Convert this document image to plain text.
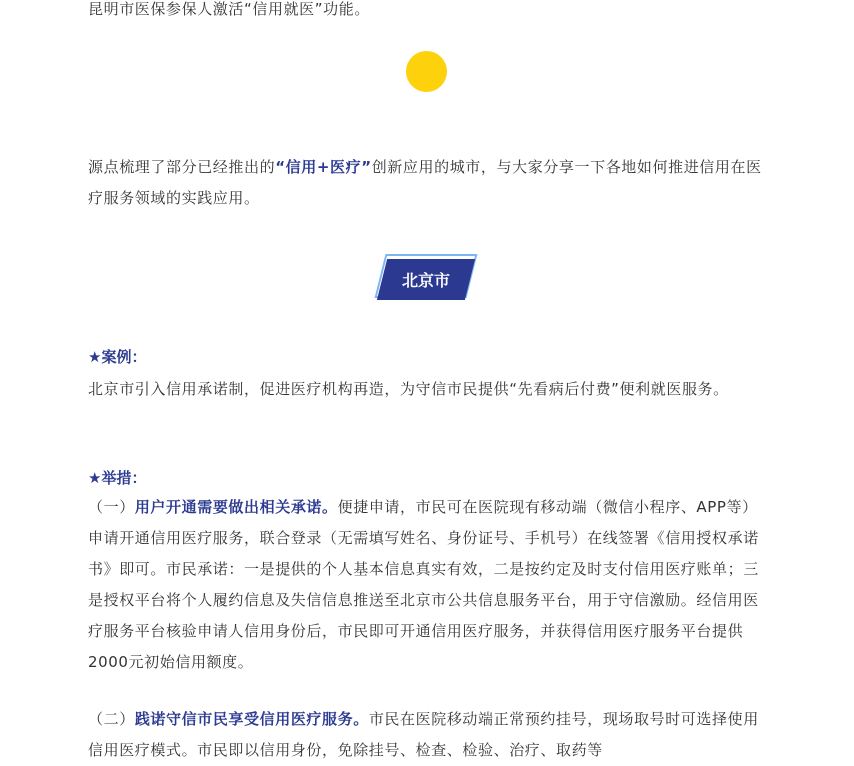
昆明市医保参保人激活“信用就医”功能。

源点梳理了部分已经推出的“信用+医疗”创新应用的城市，与大家分享一下各地如何推进信用在医疗服务领域的实践应用。

北京市

★案例：

北京市引入信用承诺制，促进医疗机构再造，为守信市民提供“先看病后付费”便利就医服务。

★举措：

（一）用户开通需要做出相关承诺。便捷申请，市民可在医院现有移动端（微信小程序、APP等）申请开通信用医疗服务，联合登录（无需填写姓名、身份证号、手机号）在线签署《信用授权承诺书》即可。市民承诺：一是提供的个人基本信息真实有效，二是按约定及时支付信用医疗账单；三是授权平台将个人履约信息及失信信息推送至北京市公共信息服务平台，用于守信激励。经信用医疗服务平台核验申请人信用身份后，市民即可开通信用医疗服务，并获得信用医疗服务平台提供2000元初始信用额度。

（二）践诺守信市民享受信用医疗服务。市民在医院移动端正常预约挂号，现场取号时可选择使用信用医疗模式。市民即以信用身份，免除挂号、检查、检验、治疗、取药等
